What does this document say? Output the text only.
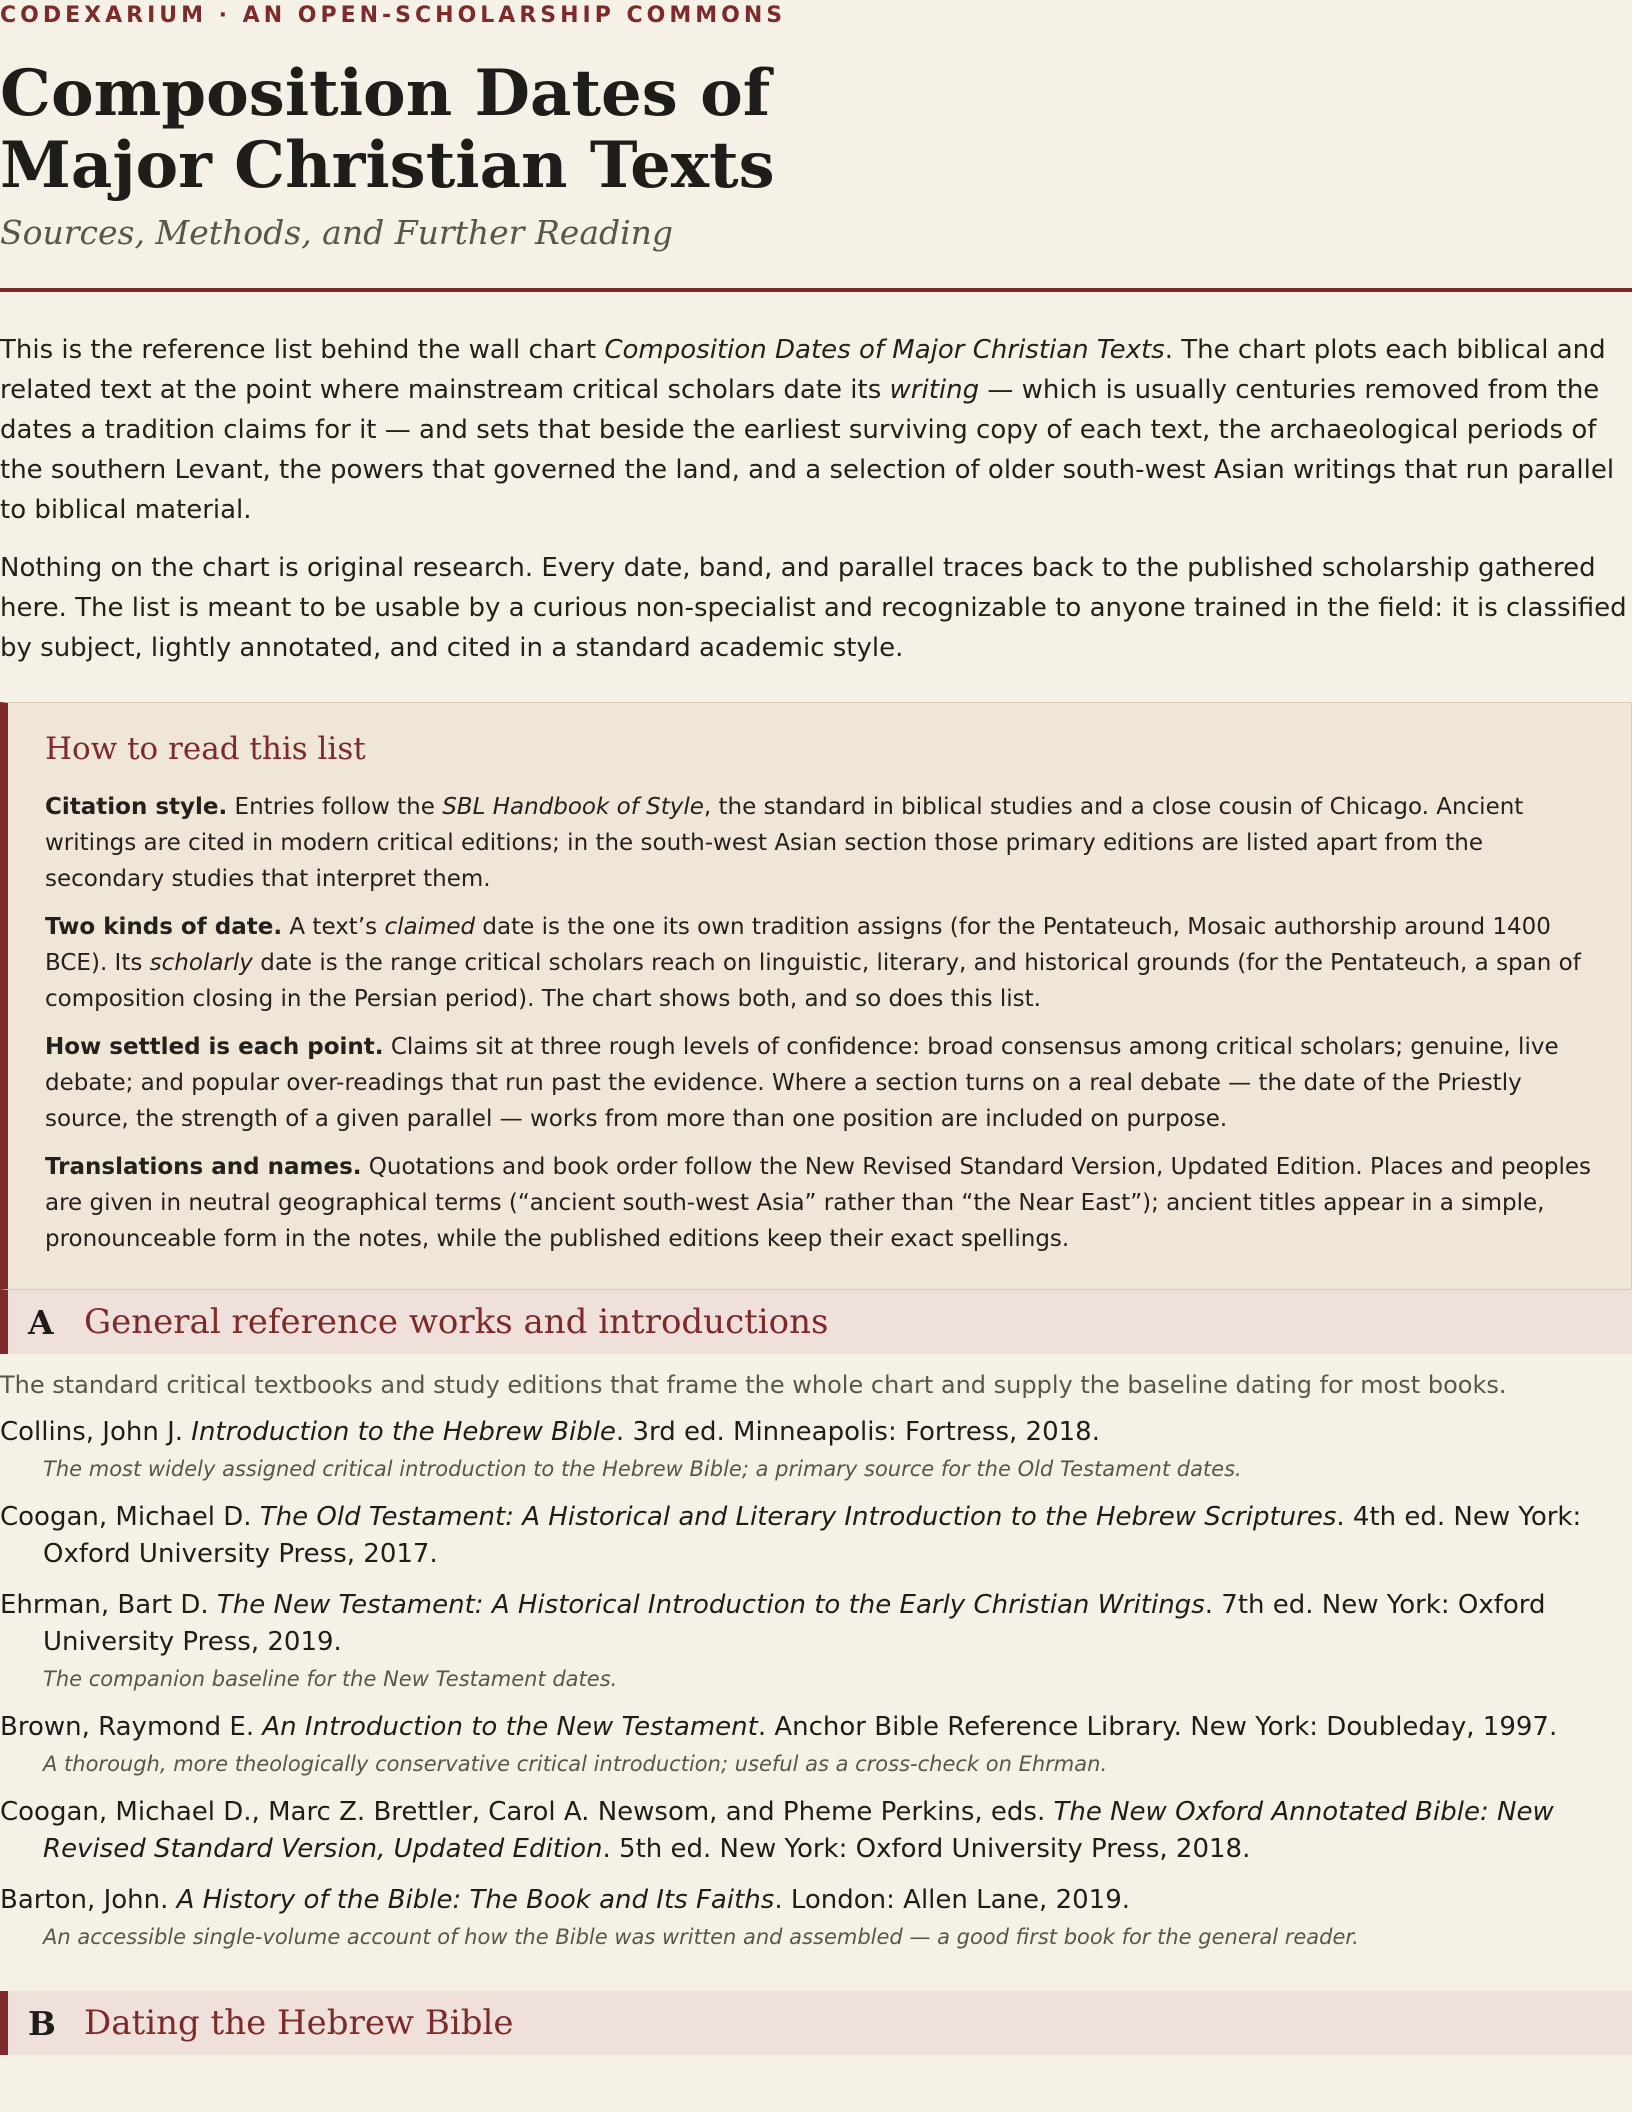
CODEXARIUM · AN OPEN-SCHOLARSHIP COMMONS

Composition Dates of Major Christian Texts

Sources, Methods, and Further Reading

This is the reference list behind the wall chart Composition Dates of Major Christian Texts. The chart plots each biblical and related text at the point where mainstream critical scholars date its writing — which is usually centuries removed from the dates a tradition claims for it — and sets that beside the earliest surviving copy of each text, the archaeological periods of the southern Levant, the powers that governed the land, and a selection of older south-west Asian writings that run parallel to biblical material.

Nothing on the chart is original research. Every date, band, and parallel traces back to the published scholarship gathered here. The list is meant to be usable by a curious non-specialist and recognizable to anyone trained in the field: it is classified by subject, lightly annotated, and cited in a standard academic style.

How to read this list

Citation style. Entries follow the SBL Handbook of Style, the standard in biblical studies and a close cousin of Chicago. Ancient writings are cited in modern critical editions; in the south-west Asian section those primary editions are listed apart from the secondary studies that interpret them.

Two kinds of date. A text’s claimed date is the one its own tradition assigns (for the Pentateuch, Mosaic authorship around 1400 BCE). Its scholarly date is the range critical scholars reach on linguistic, literary, and historical grounds (for the Pentateuch, a span of composition closing in the Persian period). The chart shows both, and so does this list.

How settled is each point. Claims sit at three rough levels of confidence: broad consensus among critical scholars; genuine, live debate; and popular over-readings that run past the evidence. Where a section turns on a real debate — the date of the Priestly source, the strength of a given parallel — works from more than one position are included on purpose.

Translations and names. Quotations and book order follow the New Revised Standard Version, Updated Edition. Places and peoples are given in neutral geographical terms (“ancient south-west Asia” rather than “the Near East”); ancient titles appear in a simple, pronounceable form in the notes, while the published editions keep their exact spellings.

A General reference works and introductions

The standard critical textbooks and study editions that frame the whole chart and supply the baseline dating for most books.

Collins, John J. Introduction to the Hebrew Bible. 3rd ed. Minneapolis: Fortress, 2018.

The most widely assigned critical introduction to the Hebrew Bible; a primary source for the Old Testament dates.

Coogan, Michael D. The Old Testament: A Historical and Literary Introduction to the Hebrew Scriptures. 4th ed. New York: Oxford University Press, 2017.

Ehrman, Bart D. The New Testament: A Historical Introduction to the Early Christian Writings. 7th ed. New York: Oxford University Press, 2019.

The companion baseline for the New Testament dates.

Brown, Raymond E. An Introduction to the New Testament. Anchor Bible Reference Library. New York: Doubleday, 1997.

A thorough, more theologically conservative critical introduction; useful as a cross-check on Ehrman.

Coogan, Michael D., Marc Z. Brettler, Carol A. Newsom, and Pheme Perkins, eds. The New Oxford Annotated Bible: New Revised Standard Version, Updated Edition. 5th ed. New York: Oxford University Press, 2018.

Barton, John. A History of the Bible: The Book and Its Faiths. London: Allen Lane, 2019.

An accessible single-volume account of how the Bible was written and assembled — a good first book for the general reader.

B Dating the Hebrew Bible
